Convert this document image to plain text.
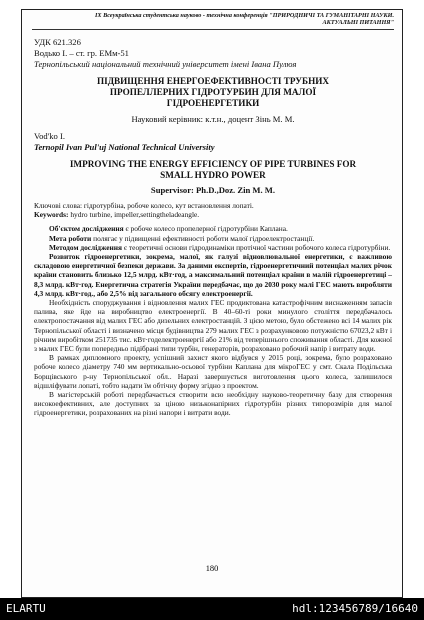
IX Всеукраїнська студентська науково - технічна конференція "ПРИРОДНИЧІ ТА ГУМАНІТАРНІ НАУКИ.
АКТУАЛЬНІ ПИТАННЯ"
УДК 621.326
Водько І. – ст. гр. ЕМм-51
Тернопільський національний технічний університет імені Івана Пулюя
ПІДВИЩЕННЯ ЕНЕРГОЕФЕКТИВНОСТІ ТРУБНИХ
ПРОПЕЛЛЕРНИХ ГІДРОТУРБИН ДЛЯ МАЛОЇ
ГІДРОЕНЕРГЕТИКИ
Науковий керівник: к.т.н., доцент Зінь М. М.
Vod'ko I.
Ternopil Ivan Pul'uj National Technical University
IMPROVING THE ENERGY EFFICIENCY OF PIPE TURBINES FOR
SMALL HYDRO POWER
Supervisor: Ph.D.,Doz. Zin M. M.

Ключові слова: гідротурбіна, робоче колесо, кут встановлення лопаті.

Keywords: hydro turbine, impeller,settingtheladeangle.

Об'єктом дослідження є робоче колесо пропелерної гідротурбіни Каплана.

Мета роботи полягає у підвищенні ефективності роботи малої гідроелектростанції.

Методом дослідження є теоретичні основи гідродинаміки протічної частини робочого колеса гідротурбіни.

Розвиток гідроенергетики, зокрема, малої, як галузі відновлювальної енергетики, є важливою складовою енергетичної безпеки держави. За даними експертів, гідроенергетичний потенціал малих річок країни становить близько 12,5 млрд. кВт·год, а максимальний потенціал країни в малій гідроенергетиці – 8,3 млрд. кВт·год. Енергетична стратегія України передбачає, що до 2030 року малі ГЕС мають виробляти 4,3 млрд. кВт·год., або 2,5% від загального обсягу електроенергії.

Необхідність споруджування і відновлення малих ГЕС продиктована катастрофічним виснаженням запасів палива, яке йде на виробництво електроенергії. В 40–60-ті роки минулого століття передбачалось електропостачання від малих ГЕС або дизельних електростанцій. З цією метою, було обстежено всі 14 малих рік Тернопільської області і визначено місця будівництва 279 малих ГЕС з розрахунковою потужністю 67023,2 кВт і річним виробітком 251735 тис. кВт·годелектроенергії або 21% від теперішнього споживання області. Для кожної з малих ГЕС були попередньо підібрані типи турбін, генераторів, розраховано робочий напір і витрату води.

В рамках дипломного проекту, успішний захист якого відбувся у 2015 році, зокрема, було розраховано робоче колесо діаметру 740 мм вертикально-осьової турбіни Каплана для мікроГЕС у смт. Скала Подільська Борщівського р-ну Тернопільської обл.. Наразі завершується виготовлення цього колеса, залишилося відшліфувати лопаті, тобто надати їм обтічну форму згідно з проектом.

В магістерській роботі передбачається створити всю необхідну науково-теоретичну базу для створення високоефективних, але доступних за ціною низьконапірних гідротурбін різних типорозмірів для малої гідроенергетики, розрахованих на різні напори і витрати води.

180
ELARTU	hdl:123456789/16640
